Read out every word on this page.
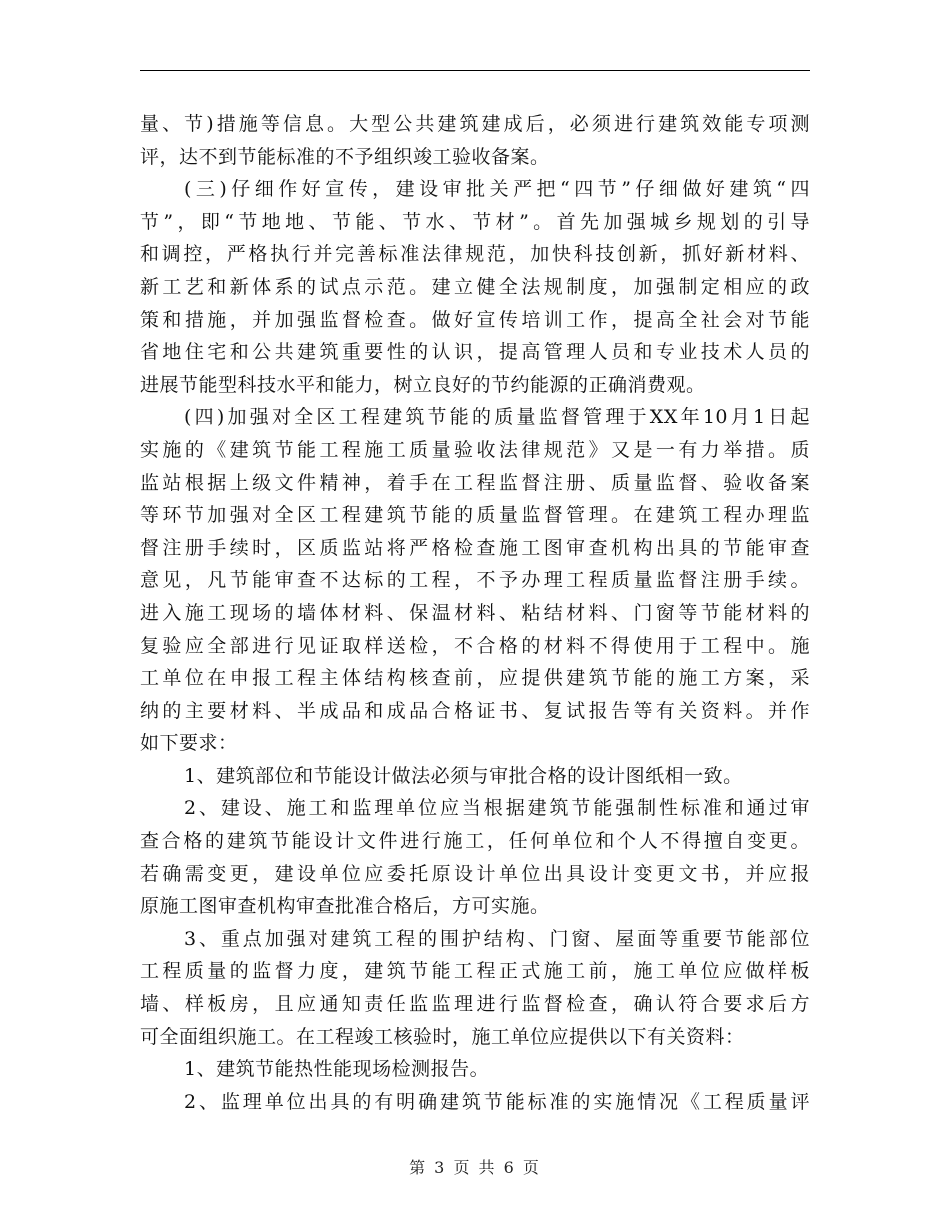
量、节)措施等信息。大型公共建筑建成后，必须进行建筑效能专项测
评，达不到节能标准的不予组织竣工验收备案。
(三)仔细作好宣传，建设审批关严把“四节”仔细做好建筑“四
节”，即“节地地、节能、节水、节材”。首先加强城乡规划的引导
和调控，严格执行并完善标准法律规范，加快科技创新，抓好新材料、
新工艺和新体系的试点示范。建立健全法规制度，加强制定相应的政
策和措施，并加强监督检查。做好宣传培训工作，提高全社会对节能
省地住宅和公共建筑重要性的认识，提高管理人员和专业技术人员的
进展节能型科技水平和能力，树立良好的节约能源的正确消费观。
(四)加强对全区工程建筑节能的质量监督管理于XX年10月1日起
实施的《建筑节能工程施工质量验收法律规范》又是一有力举措。质
监站根据上级文件精神，着手在工程监督注册、质量监督、验收备案
等环节加强对全区工程建筑节能的质量监督管理。在建筑工程办理监
督注册手续时，区质监站将严格检查施工图审查机构出具的节能审查
意见，凡节能审查不达标的工程，不予办理工程质量监督注册手续。
进入施工现场的墙体材料、保温材料、粘结材料、门窗等节能材料的
复验应全部进行见证取样送检，不合格的材料不得使用于工程中。施
工单位在申报工程主体结构核查前，应提供建筑节能的施工方案，采
纳的主要材料、半成品和成品合格证书、复试报告等有关资料。并作
如下要求：
1、建筑部位和节能设计做法必须与审批合格的设计图纸相一致。
2、建设、施工和监理单位应当根据建筑节能强制性标准和通过审
查合格的建筑节能设计文件进行施工，任何单位和个人不得擅自变更。
若确需变更，建设单位应委托原设计单位出具设计变更文书，并应报
原施工图审查机构审查批准合格后，方可实施。
3、重点加强对建筑工程的围护结构、门窗、屋面等重要节能部位
工程质量的监督力度，建筑节能工程正式施工前，施工单位应做样板
墙、样板房，且应通知责任监监理进行监督检查，确认符合要求后方
可全面组织施工。在工程竣工核验时，施工单位应提供以下有关资料：
1、建筑节能热性能现场检测报告。
2、监理单位出具的有明确建筑节能标准的实施情况《工程质量评
第 3 页 共 6 页
